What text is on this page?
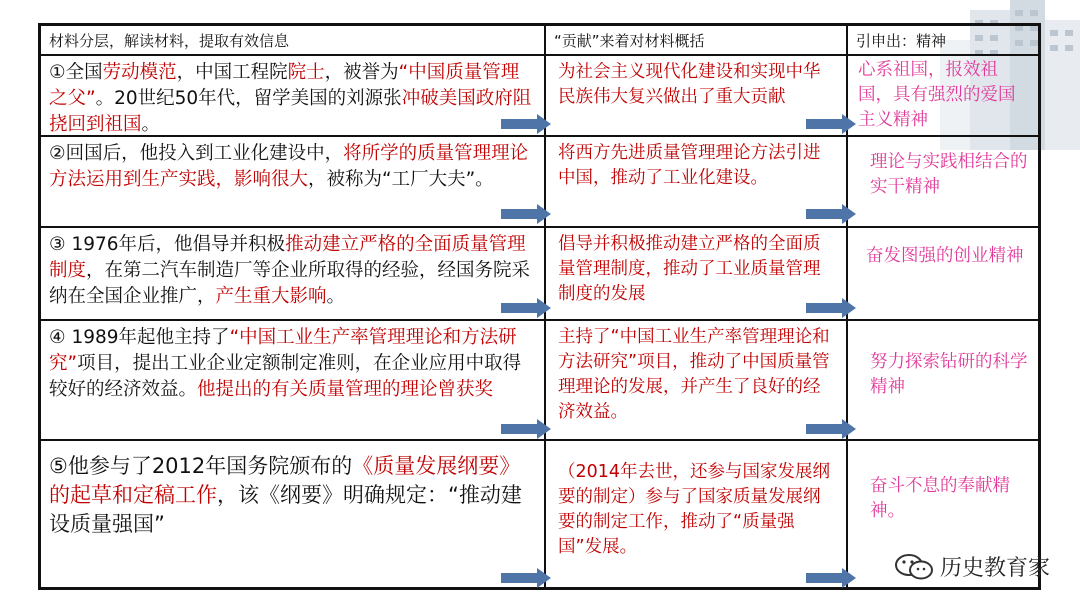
材料分层，解读材料，提取有效信息	“贡献”来着对材料概括	引申出：精神
①全国劳动模范，中国工程院院士，被誉为“中国质量管理之父”。20世纪50年代，留学美国的刘源张冲破美国政府阻挠回到祖国。
为社会主义现代化建设和实现中华民族伟大复兴做出了重大贡献
心系祖国，报效祖国，具有强烈的爱国主义精神
②回国后，他投入到工业化建设中，将所学的质量管理理论方法运用到生产实践，影响很大，被称为“工厂大夫”。
将西方先进质量管理理论方法引进中国，推动了工业化建设。
理论与实践相结合的实干精神
③ 1976年后，他倡导并积极推动建立严格的全面质量管理制度，在第二汽车制造厂等企业所取得的经验，经国务院采纳在全国企业推广，产生重大影响。
倡导并积极推动建立严格的全面质量管理制度，推动了工业质量管理制度的发展
奋发图强的创业精神
④ 1989年起他主持了“中国工业生产率管理理论和方法研究”项目，提出工业企业定额制定准则，在企业应用中取得较好的经济效益。他提出的有关质量管理的理论曾获奖
主持了“中国工业生产率管理理论和方法研究”项目，推动了中国质量管理理论的发展，并产生了良好的经济效益。
努力探索钻研的科学精神
⑤他参与了2012年国务院颁布的《质量发展纲要》的起草和定稿工作，该《纲要》明确规定：“推动建设质量强国”
（2014年去世，还参与国家发展纲要的制定）参与了国家质量发展纲要的制定工作，推动了“质量强国”发展。
奋斗不息的奉献精神。
历史教育家
